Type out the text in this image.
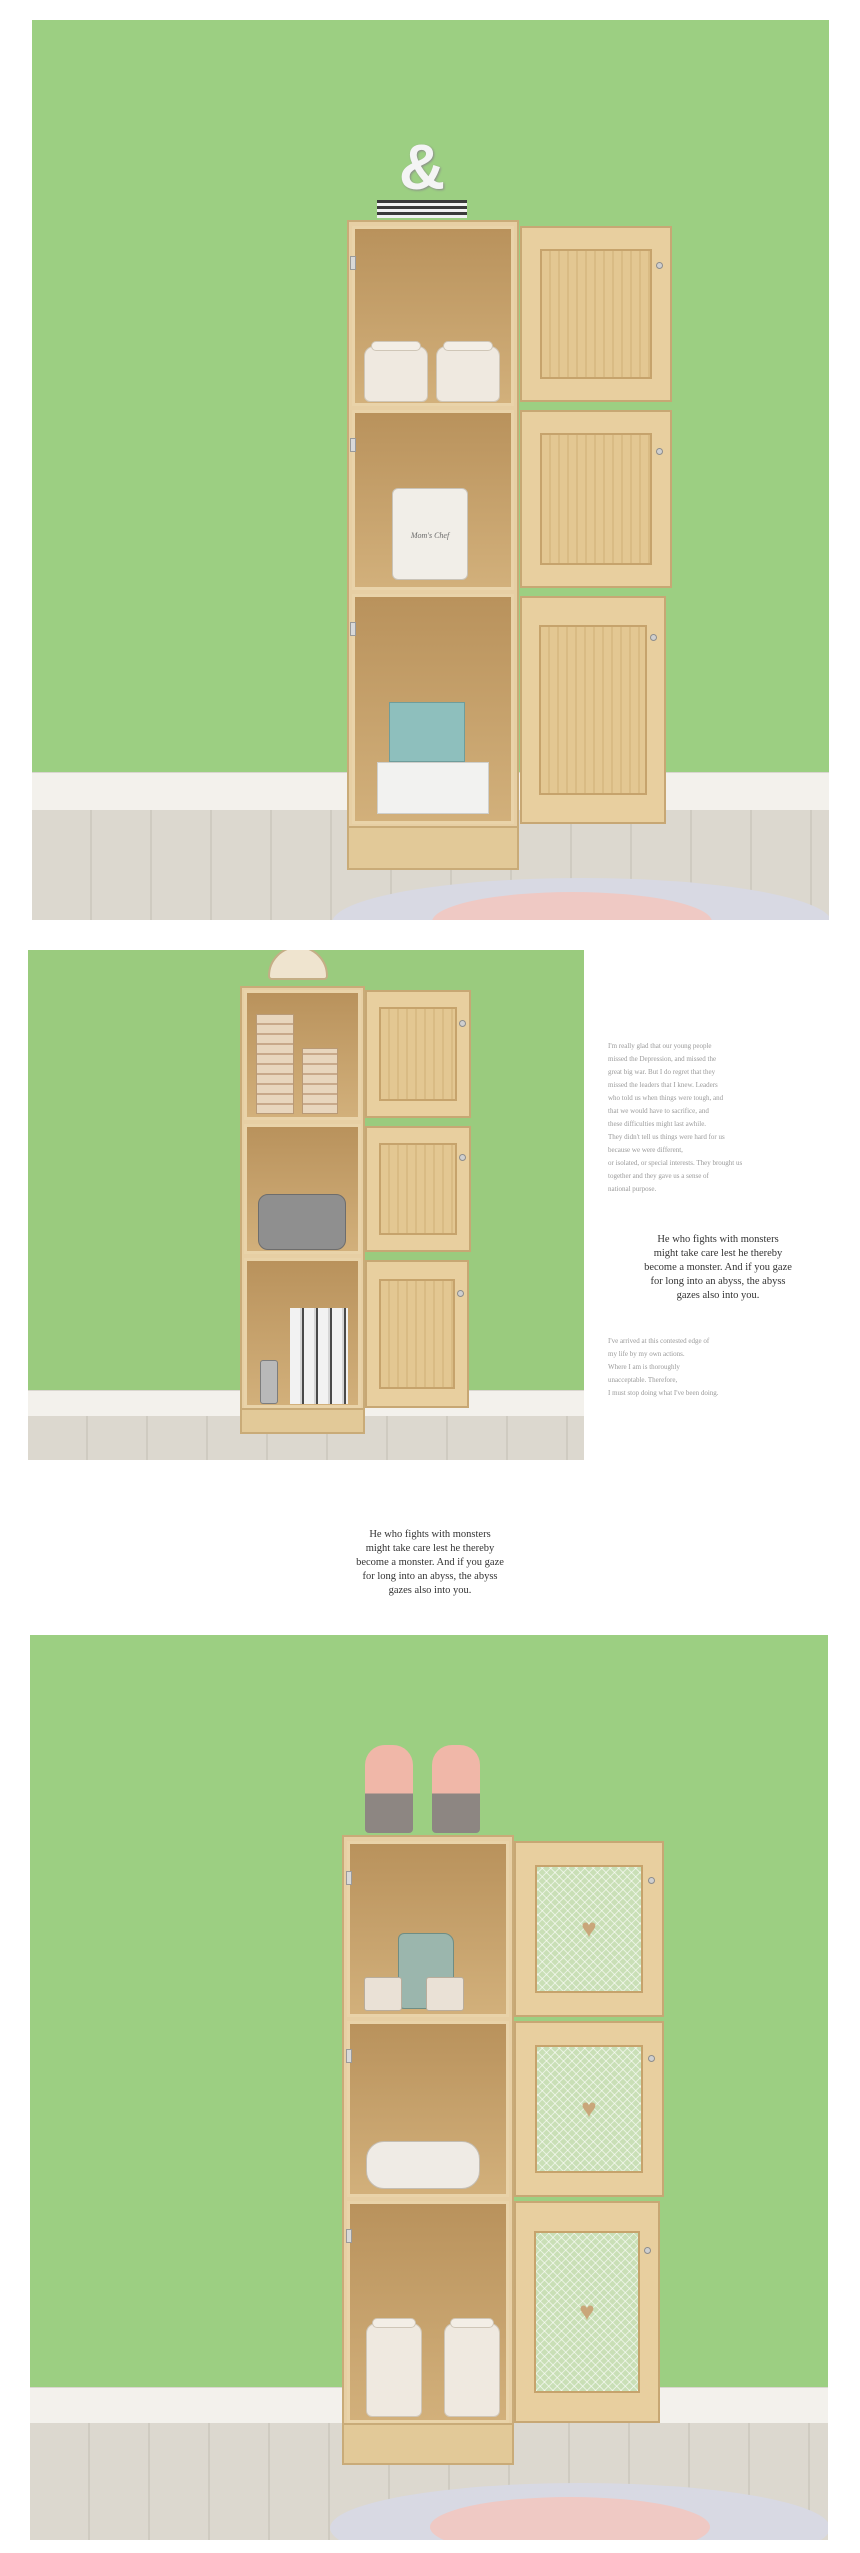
&
Mom's Chef

I'm really glad that our young people

missed the Depression, and missed the

great big war. But I do regret that they

missed the leaders that I knew. Leaders

who told us when things were tough, and

that we would have to sacrifice, and

these difficulties might last awhile.

They didn't tell us things were hard for us

because we were different,

or isolated, or special interests. They brought us

together and they gave us a sense of

national purpose.

He who fights with monsters

might take care lest he thereby

become a monster. And if you gaze

for long into an abyss, the abyss

gazes also into you.

I've arrived at this contested edge of

my life by my own actions.

Where I am is thoroughly

unacceptable. Therefore,

I must stop doing what I've been doing.

He who fights with monsters

might take care lest he thereby

become a monster. And if you gaze

for long into an abyss, the abyss

gazes also into you.

♥
♥
♥
